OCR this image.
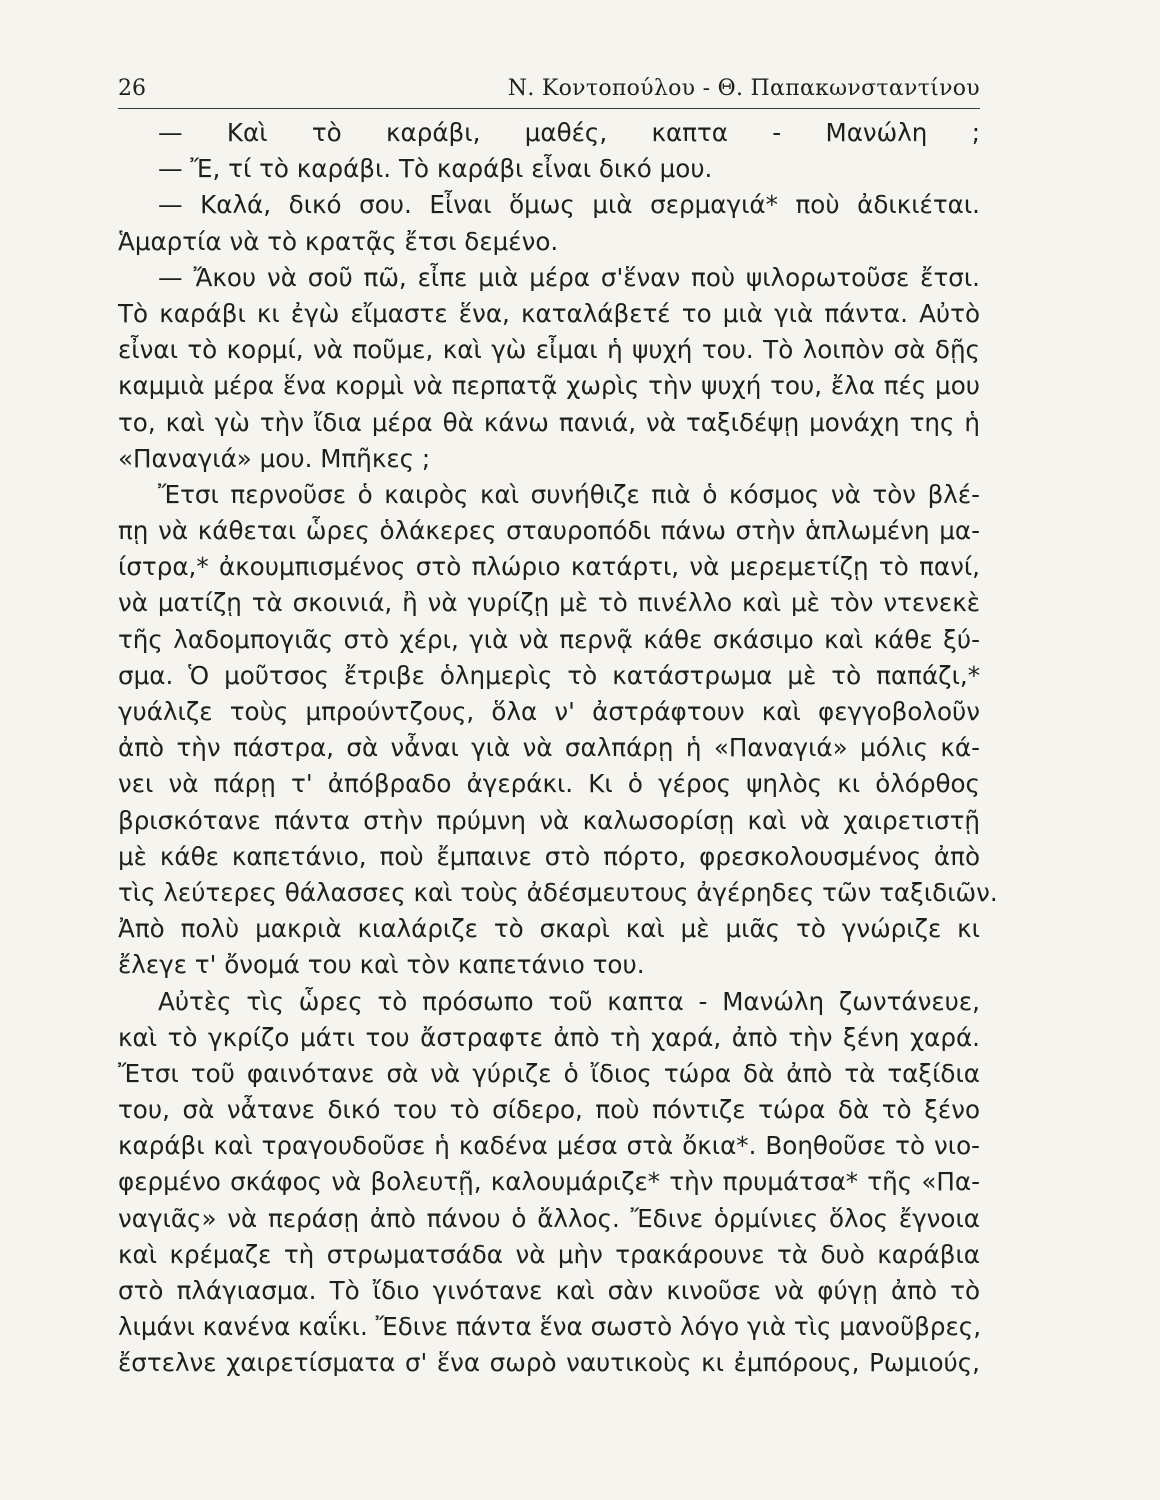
26	Ν. Κοντοπούλου - Θ. Παπακωνσταντίνου
— Καὶ τὸ καράβι, μαθές, καπτα - Μανώλη ;
— Ἔ, τί τὸ καράβι. Τὸ καράβι εἶναι δικό μου.
— Καλά, δικό σου. Εἶναι ὅμως μιὰ σερμαγιά* ποὺ ἀδικιέται.
Ἁμαρτία νὰ τὸ κρατᾷς ἔτσι δεμένο.
— Ἄκου νὰ σοῦ πῶ, εἶπε μιὰ μέρα σ'ἕναν ποὺ ψιλορωτοῦσε ἔτσι.
Τὸ καράβι κι ἐγὼ εἴμαστε ἕνα, καταλάβετέ το μιὰ γιὰ πάντα. Αὐτὸ
εἶναι τὸ κορμί, νὰ ποῦμε, καὶ γὼ εἶμαι ἡ ψυχή του. Τὸ λοιπὸν σὰ δῇς
καμμιὰ μέρα ἕνα κορμὶ νὰ περπατᾷ χωρὶς τὴν ψυχή του, ἔλα πές μου
το, καὶ γὼ τὴν ἴδια μέρα θὰ κάνω πανιά, νὰ ταξιδέψῃ μονάχη της ἡ
«Παναγιά» μου. Μπῆκες ;
Ἔτσι περνοῦσε ὁ καιρὸς καὶ συνήθιζε πιὰ ὁ κόσμος νὰ τὸν βλέ-
πῃ νὰ κάθεται ὧρες ὁλάκερες σταυροπόδι πάνω στὴν ἁπλωμένη μα-
ίστρα,* ἀκουμπισμένος στὸ πλώριο κατάρτι, νὰ μερεμετίζῃ τὸ πανί,
νὰ ματίζῃ τὰ σκοινιά, ἢ νὰ γυρίζῃ μὲ τὸ πινέλλο καὶ μὲ τὸν ντενεκὲ
τῆς λαδομπογιᾶς στὸ χέρι, γιὰ νὰ περνᾷ κάθε σκάσιμο καὶ κάθε ξύ-
σμα. Ὁ μοῦτσος ἔτριβε ὁλημερὶς τὸ κατάστρωμα μὲ τὸ παπάζι,*
γυάλιζε τοὺς μπρούντζους, ὅλα ν' ἀστράφτουν καὶ φεγγοβολοῦν
ἀπὸ τὴν πάστρα, σὰ νἆναι γιὰ νὰ σαλπάρῃ ἡ «Παναγιά» μόλις κά-
νει νὰ πάρῃ τ' ἀπόβραδο ἀγεράκι. Κι ὁ γέρος ψηλὸς κι ὁλόρθος
βρισκότανε πάντα στὴν πρύμνη νὰ καλωσορίσῃ καὶ νὰ χαιρετιστῇ
μὲ κάθε καπετάνιο, ποὺ ἔμπαινε στὸ πόρτο, φρεσκολουσμένος ἀπὸ
τὶς λεύτερες θάλασσες καὶ τοὺς ἀδέσμευτους ἀγέρηδες τῶν ταξιδιῶν.
Ἀπὸ πολὺ μακριὰ κιαλάριζε τὸ σκαρὶ καὶ μὲ μιᾶς τὸ γνώριζε κι
ἔλεγε τ' ὄνομά του καὶ τὸν καπετάνιο του.
Αὐτὲς τὶς ὧρες τὸ πρόσωπο τοῦ καπτα - Μανώλη ζωντάνευε,
καὶ τὸ γκρίζο μάτι του ἄστραφτε ἀπὸ τὴ χαρά, ἀπὸ τὴν ξένη χαρά.
Ἔτσι τοῦ φαινότανε σὰ νὰ γύριζε ὁ ἴδιος τώρα δὰ ἀπὸ τὰ ταξίδια
του, σὰ νἆτανε δικό του τὸ σίδερο, ποὺ πόντιζε τώρα δὰ τὸ ξένο
καράβι καὶ τραγουδοῦσε ἡ καδένα μέσα στὰ ὄκια*. Βοηθοῦσε τὸ νιο-
φερμένο σκάφος νὰ βολευτῇ, καλουμάριζε* τὴν πρυμάτσα* τῆς «Πα-
ναγιᾶς» νὰ περάσῃ ἀπὸ πάνου ὁ ἄλλος. Ἔδινε ὁρμίνιες ὅλος ἔγνοια
καὶ κρέμαζε τὴ στρωματσάδα νὰ μὴν τρακάρουνε τὰ δυὸ καράβια
στὸ πλάγιασμα. Τὸ ἴδιο γινότανε καὶ σὰν κινοῦσε νὰ φύγῃ ἀπὸ τὸ
λιμάνι κανένα καΐκι. Ἔδινε πάντα ἕνα σωστὸ λόγο γιὰ τὶς μανοῦβρες,
ἔστελνε χαιρετίσματα σ' ἕνα σωρὸ ναυτικοὺς κι ἐμπόρους, Ρωμιούς,
